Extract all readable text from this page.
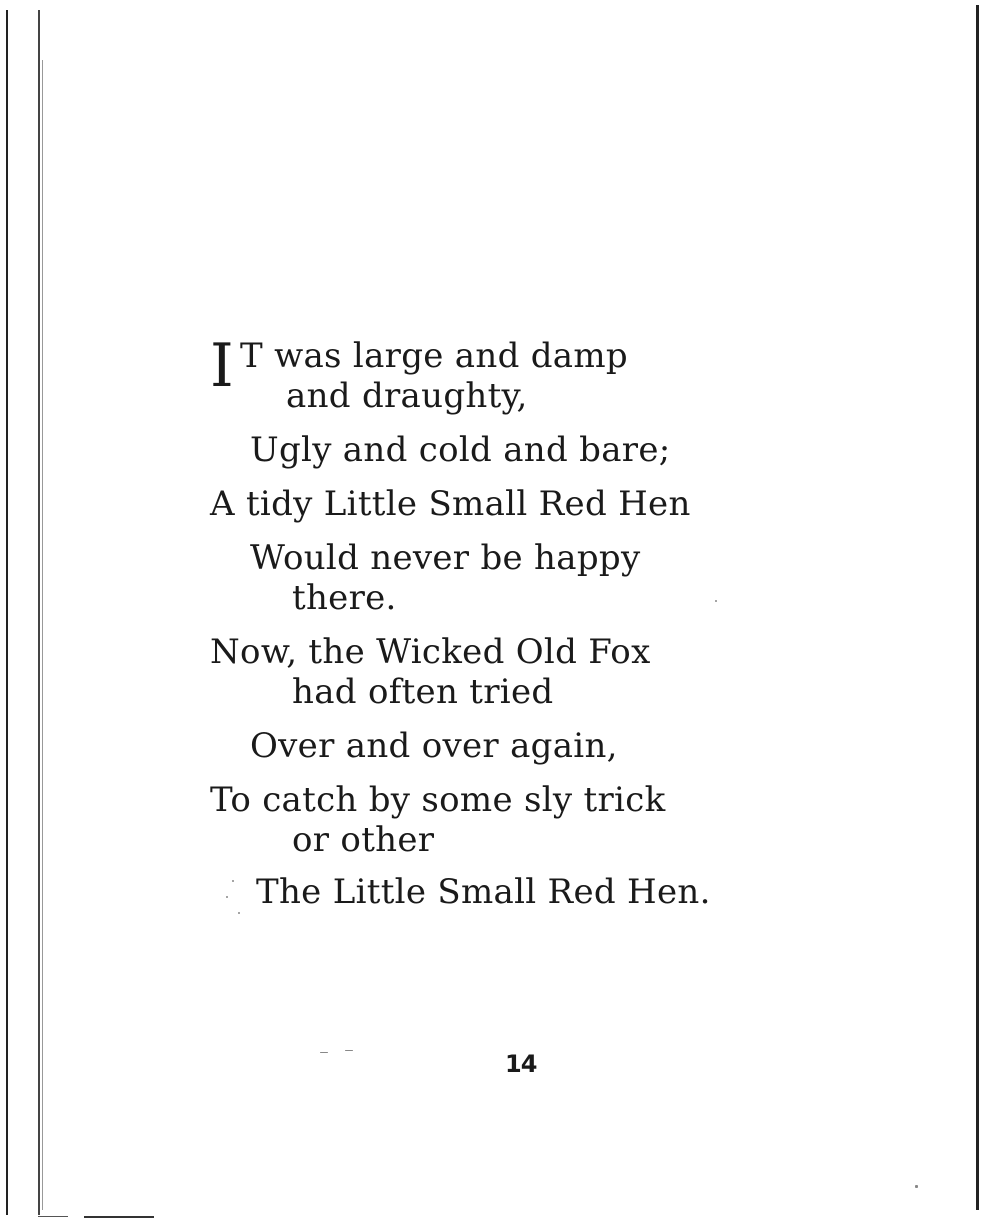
I T was large and damp
and draughty,
Ugly and cold and bare;
A tidy Little Small Red Hen
Would never be happy
there.
Now, the Wicked Old Fox
had often tried
Over and over again,
To catch by some sly trick
or other
The Little Small Red Hen.
14
